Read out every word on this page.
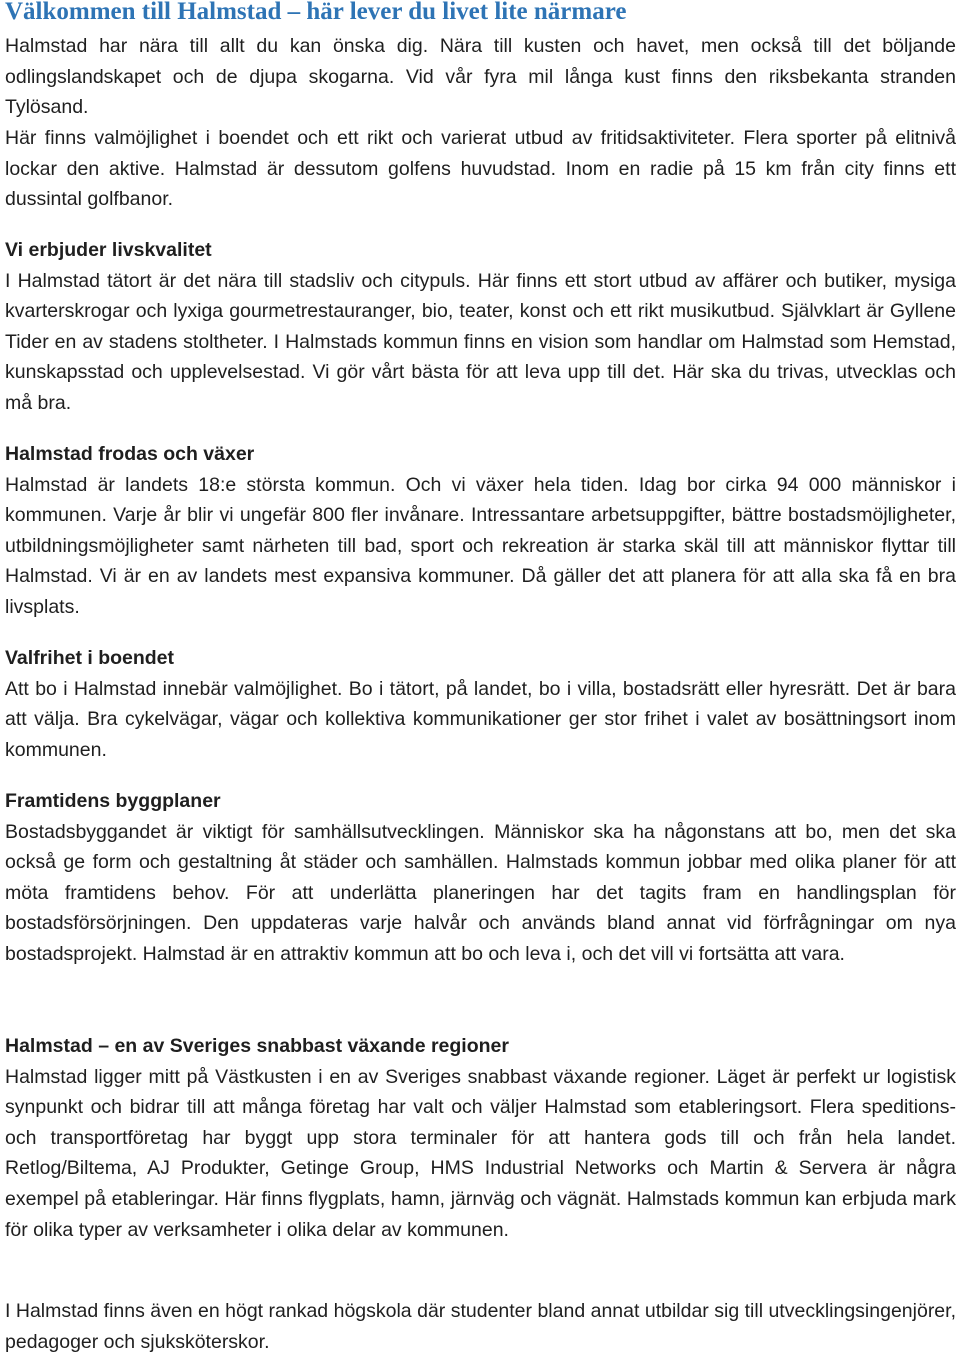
Välkommen till Halmstad – här lever du livet lite närmare

Halmstad har nära till allt du kan önska dig. Nära till kusten och havet, men också till det böljande odlingslandskapet och de djupa skogarna. Vid vår fyra mil långa kust finns den riksbekanta stranden Tylösand.

Här finns valmöjlighet i boendet och ett rikt och varierat utbud av fritidsaktiviteter. Flera sporter på elitnivå lockar den aktive. Halmstad är dessutom golfens huvudstad. Inom en radie på 15 km från city finns ett dussintal golfbanor.

Vi erbjuder livskvalitet

I Halmstad tätort är det nära till stadsliv och citypuls. Här finns ett stort utbud av affärer och butiker, mysiga kvarterskrogar och lyxiga gourmetrestauranger, bio, teater, konst och ett rikt musikutbud. Självklart är Gyllene Tider en av stadens stoltheter. I Halmstads kommun finns en vision som handlar om Halmstad som Hemstad, kunskapsstad och upplevelsestad. Vi gör vårt bästa för att leva upp till det. Här ska du trivas, utvecklas och må bra.

Halmstad frodas och växer

Halmstad är landets 18:e största kommun. Och vi växer hela tiden. Idag bor cirka 94 000 människor i kommunen. Varje år blir vi ungefär 800 fler invånare. Intressantare arbetsuppgifter, bättre bostadsmöjligheter, utbildningsmöjligheter samt närheten till bad, sport och rekreation är starka skäl till att människor flyttar till Halmstad. Vi är en av landets mest expansiva kommuner. Då gäller det att planera för att alla ska få en bra livsplats.

Valfrihet i boendet

Att bo i Halmstad innebär valmöjlighet. Bo i tätort, på landet, bo i villa, bostadsrätt eller hyresrätt. Det är bara att välja. Bra cykelvägar, vägar och kollektiva kommunikationer ger stor frihet i valet av bosättningsort inom kommunen.

Framtidens byggplaner

Bostadsbyggandet är viktigt för samhällsutvecklingen. Människor ska ha någonstans att bo, men det ska också ge form och gestaltning åt städer och samhällen. Halmstads kommun jobbar med olika planer för att möta framtidens behov. För att underlätta planeringen har det tagits fram en handlingsplan för bostadsförsörjningen. Den uppdateras varje halvår och används bland annat vid förfrågningar om nya bostadsprojekt. Halmstad är en attraktiv kommun att bo och leva i, och det vill vi fortsätta att vara.

Halmstad – en av Sveriges snabbast växande regioner

Halmstad ligger mitt på Västkusten i en av Sveriges snabbast växande regioner. Läget är perfekt ur logistisk synpunkt och bidrar till att många företag har valt och väljer Halmstad som etableringsort. Flera speditions- och transportföretag har byggt upp stora terminaler för att hantera gods till och från hela landet. Retlog/Biltema, AJ Produkter, Getinge Group, HMS Industrial Networks och Martin & Servera är några exempel på etableringar. Här finns flygplats, hamn, järnväg och vägnät. Halmstads kommun kan erbjuda mark för olika typer av verksamheter i olika delar av kommunen.

I Halmstad finns även en högt rankad högskola där studenter bland annat utbildar sig till utvecklingsingenjörer, pedagoger och sjuksköterskor.
